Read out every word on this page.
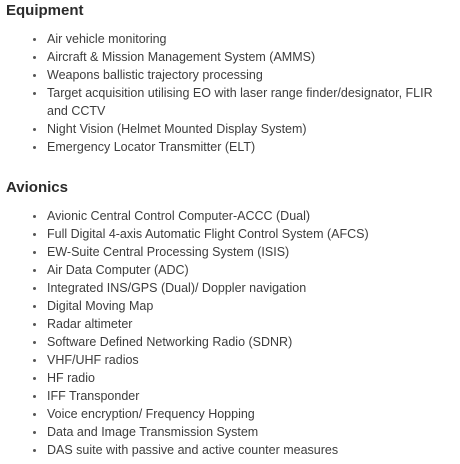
Equipment
Air vehicle monitoring
Aircraft & Mission Management System (AMMS)
Weapons ballistic trajectory processing
Target acquisition utilising EO with laser range finder/designator, FLIR and CCTV
Night Vision (Helmet Mounted Display System)
Emergency Locator Transmitter (ELT)
Avionics
Avionic Central Control Computer-ACCC (Dual)
Full Digital 4-axis Automatic Flight Control System (AFCS)
EW-Suite Central Processing System (ISIS)
Air Data Computer (ADC)
Integrated INS/GPS (Dual)/ Doppler navigation
Digital Moving Map
Radar altimeter
Software Defined Networking Radio (SDNR)
VHF/UHF radios
HF radio
IFF Transponder
Voice encryption/ Frequency Hopping
Data and Image Transmission System
DAS suite with passive and active counter measures
